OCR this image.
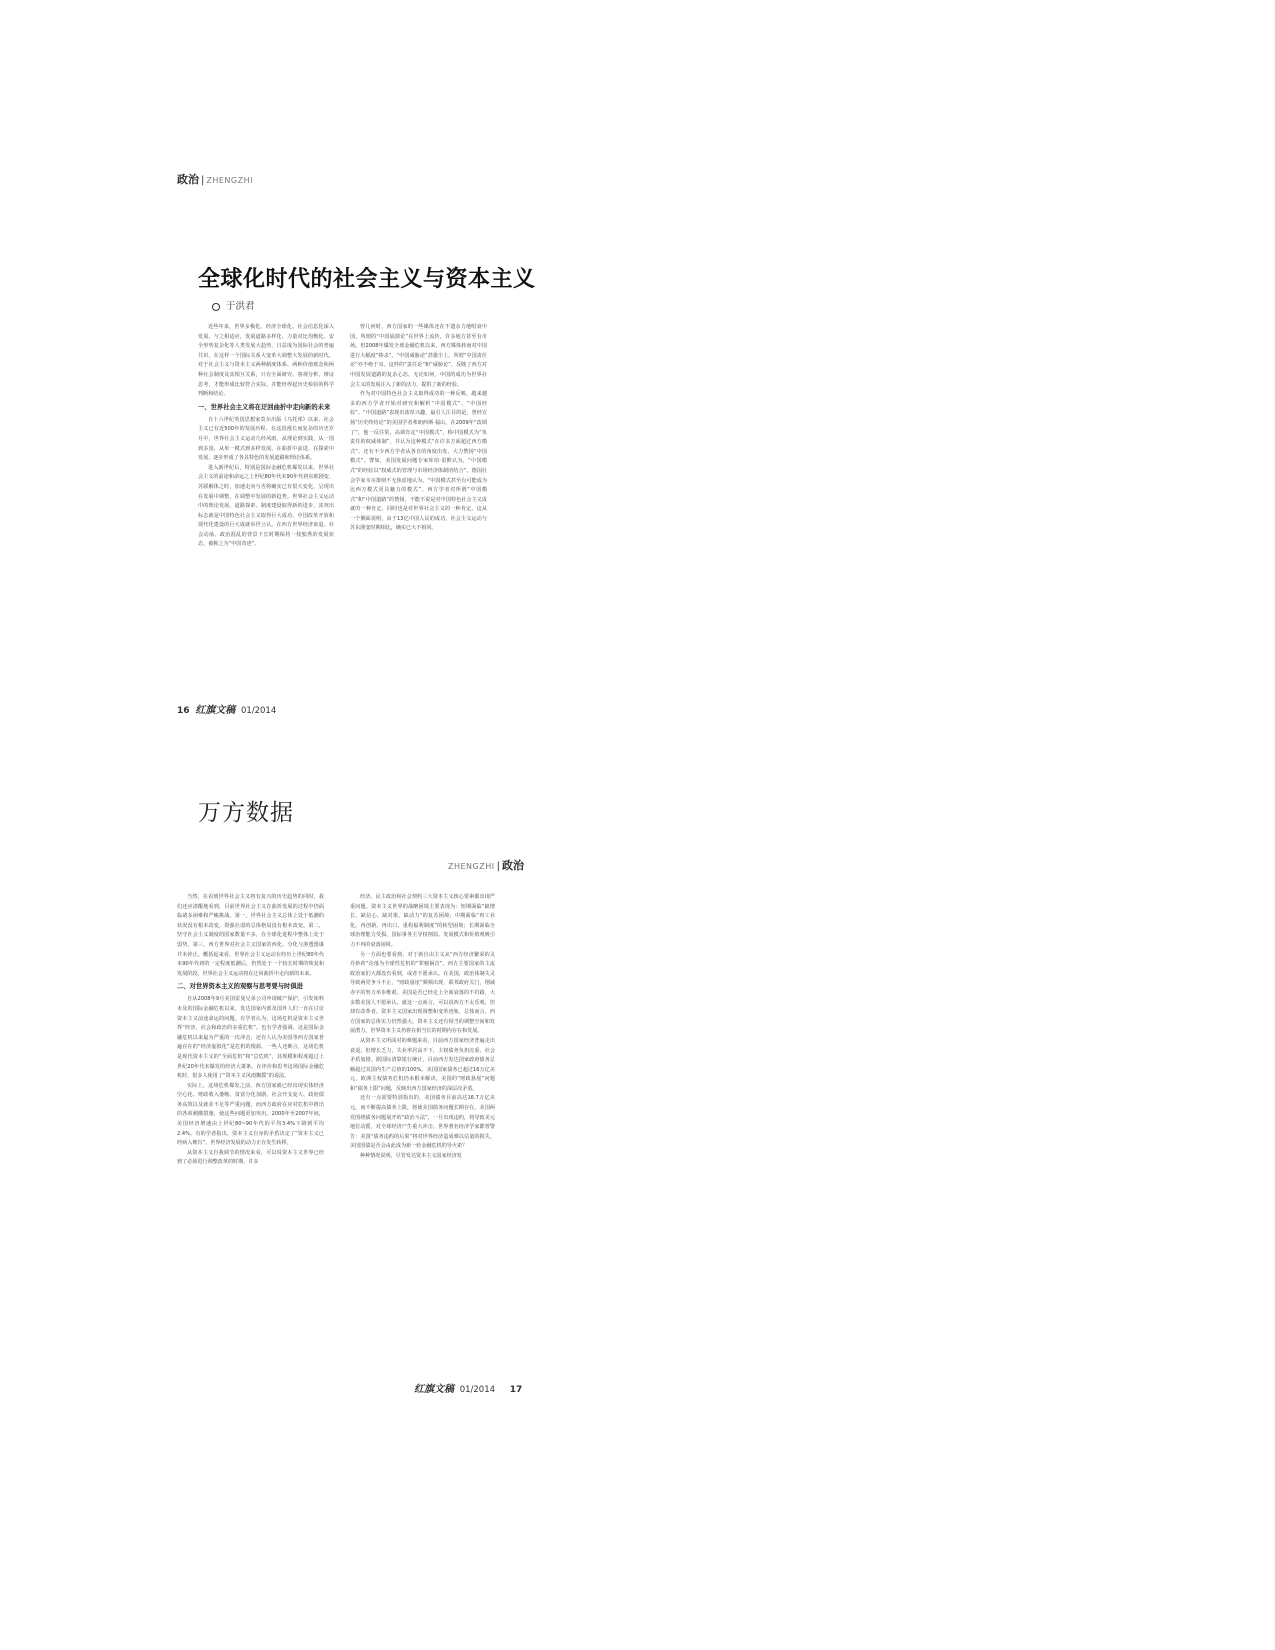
政治 | ZHENGZHI
全球化时代的社会主义与资本主义
于洪君

近些年来，世界多极化、经济全球化、社会信息化深入发展。与之相适应，发展道路多样化、力量对比均衡化、安全形势复杂化等人类发展大趋势，日益成为国际社会的普遍共识。在这样一个国际关系大变革大调整大发展的新时代，对于社会主义与资本主义两种制度体系、两种价值观念和两种社会制度及其相互关系，只有全面研究、客观分析、辩证思考，才能形成比较符合实际、并能经得起历史检验的科学判断和结论。

一、世界社会主义将在迂回曲折中走向新的未来

自十六世纪英国思想家莫尔出版《乌托邦》以来，社会主义已有近500年的发展历程。在这段漫长而复杂的历史岁月中，世界社会主义运动几经风雨，从理论到实践，从一国到多国，从单一模式到多样发展，在曲折中前进，在探索中发展，逐步形成了各具特色的发展道路和理论体系。

进入新世纪后，特别是国际金融危机爆发以来，世界社会主义的前途和命运之上世纪80年代末90年代初东欧剧变、苏联解体之时，加速走向与否将确实已有很大变化，呈现出在发展中调整、在调整中发展的新趋势。世界社会主义运动中的理论发展、道路探索、制度建设取得新的进步，其突出标志就是中国特色社会主义取得巨大成功。中国改革开放和现代化建设的巨大成就举世公认，在西方世界经济衰退、社会动荡、政治混乱的背景下长时期保持一枝独秀的发展状态，被称之为“中国奇迹”。

曾几何时，西方国家的一些媒体还在不遗余力地唱衰中国，所谓的“中国崩溃论”在世界上流传，许多地方甚至有市场。但2008年爆发全球金融危机以来，西方媒体转而对中国进行大幅度“捧杀”，“中国威胁论”甚嚣尘上。所谓“中国责任论”亦不绝于耳。这样的“责任论”和“威胁论”，反映了西方对中国发展道路的复杂心态。无论如何，中国的成功为世界社会主义的发展注入了新的活力，提供了新的经验。

作为对中国特色社会主义取得成功的一种反映，越来越多的西方学者开始对研究和解析“中国模式”、“中国经验”、“中国道路”表现出浓厚兴趣。最引人注目的是，曾经宣扬“历史终结论”的美国学者弗朗西斯·福山，在2009年“改调了”，他一反往常，高调肯定“中国模式”，称中国模式为“负责任的权威体制”，并认为这种模式“在许多方面超过西方模式”。还有不少西方学者从各自的角度出发，大力赞扬“中国模式”。譬如，美国发展问题专家库珀·雷默认为，“中国模式”的经验以“权威式的管理与市场经济体制的结合”，德国社会学家韦尔策则不无焦虑地认为，“中国模式甚至有可能成为比西方模式更具魅力的模式”。西方学者对所谓“中国模式”和“中国道路”的赞扬，不能不说是对中国特色社会主义成就的一种肯定，同时也是对世界社会主义的一种肯定。这从一个侧面说明，由于13亿中国人民的成功，社会主义运动与苏东剧变时期相比，确实已大不相同。

16 红旗文稿 01/2014
万方数据
ZHENGZHI | 政治

当然，在看到世界社会主义将有复兴的历史趋势的同时，我们还应清醒地看到，目前世界社会主义在曲折发展的过程中仍面临诸多困难和严峻挑战。第一，世界社会主义总体上处于低潮的状况没有根本改变，资强社弱的总体格局没有根本改变。第二，坚守社会主义制度的国家数量不多，在全球化进程中整体上处于弱势。第三，西方世界对社会主义国家的西化、分化与渗透图谋并未停止。概括起来看，世界社会主义运动在经历上世纪80年代末90年代初的一定程度低潮后，仍然处于一个较长时期的恢复和发展阶段，世界社会主义运动将在迂回曲折中走向新的未来。

二、对世界资本主义的观察与思考要与时俱进

自从2008年9月美国雷曼兄弟公司申请破产保护，引发始料未及的国际金融危机以来，发达国家内部及国外人们一直在讨论资本主义前途命运的问题。有学者认为，这场危机是资本主义世界“经济、社会和政治的多重危机”。也有学者强调，这是国际金融危机以来最为严重的一次冲击，还有人认为美国等西方国家普遍存在的“经济虚拟化”是危机的根源。一些人还断言，这场危机是现代资本主义的“全面危机”和“总危机”，其规模和程度超过上世纪20年代末爆发的经济大萧条。在评价和思考这场国际金融危机时，很多人使用了“资本主义风雨飘摇”的说法。

实际上，这场危机爆发之前，西方国家就已经出现实体经济空心化、财政收入萎缩、贫富分化加剧、社会开支庞大、政府债务高筑以及就业不足等严重问题。而西方政府在应对危机中推出的各项刺激措施，使这些问题更加突出。2000年至2007年间，美国经济增速由上世纪80~90年代的平均3.4%下降到平均2.4%。有的学者指出，资本主义自身的矛盾决定了“资本主义已经病入膏肓”，世界经济发展的动力正在发生转移。

从资本主义自我调节的情况来看，可以说资本主义世界已经到了必须进行调整改革的时期，许多

经济、民主政治和社会契约三大资本主义核心要素都出现严重问题。资本主义世界的战略困境主要表现为：短期面临“缺增长、缺信心、缺对策、缺动力”的复苏困境；中期面临“再工业化、再创新、再出口、重构福利制度”的转型困境；长期面临全球治理能力受损、国际事务主导权削弱、发展模式和价值观吸引力不再的衰落困境。

另一方面也要看到，对于新自由主义从“西方经济繁荣的灵丹妙药”沦落为全球性危机的“罪魁祸首”，西方主要国家的主流政治家们大都没有看到，或者不愿承认。在美国，政治体制失灵导致两党争斗不止，“财政悬崖”频频出现，联邦政府关门，削减赤字的努力举步维艰。美国是否已经走上全面衰落的不归路，大多数美国人不愿承认。就这一点而言，可以说西方不太乐观，但却有改革者。资本主义国家出现调整和变革迹象，总体而言，西方国家的总体实力仍然强大，资本主义还有相当的调整空间和发展潜力，世界资本主义仍将在相当长的时期内存在和发展。

从资本主义所面对的难题来看，目前西方国家经济普遍走出衰退，但增长乏力，失业率居高不下，主权债务负担沉重，社会矛盾加剧。据国际清算银行统计，目前西方发达国家政府债务总额超过其国内生产总值的100%。美国国家债务已超过16万亿美元，欧洲主权债务危机仍未根本解决。美国的“财政悬崖”问题和“债务上限”问题，反映出西方国家经济的深层次矛盾。

还有一点需要特别指出的，美国债务目前高达16.7万亿美元，而不断提高债务上限，将使美国债务问题长期存在。美国两党围绕债务问题展开的“政治斗法”，一旦出现违约，将导致美元地位动摇，对全球经济产生重大冲击。世界著名经济学家都曾警告：美国“债务违约的后果”将对世界经济造成难以估量的损失，美国国债是否会由此成为新一轮金融危机的导火索？

种种情况说明，尽管发达资本主义国家经济发

红旗文稿 01/2014 17
